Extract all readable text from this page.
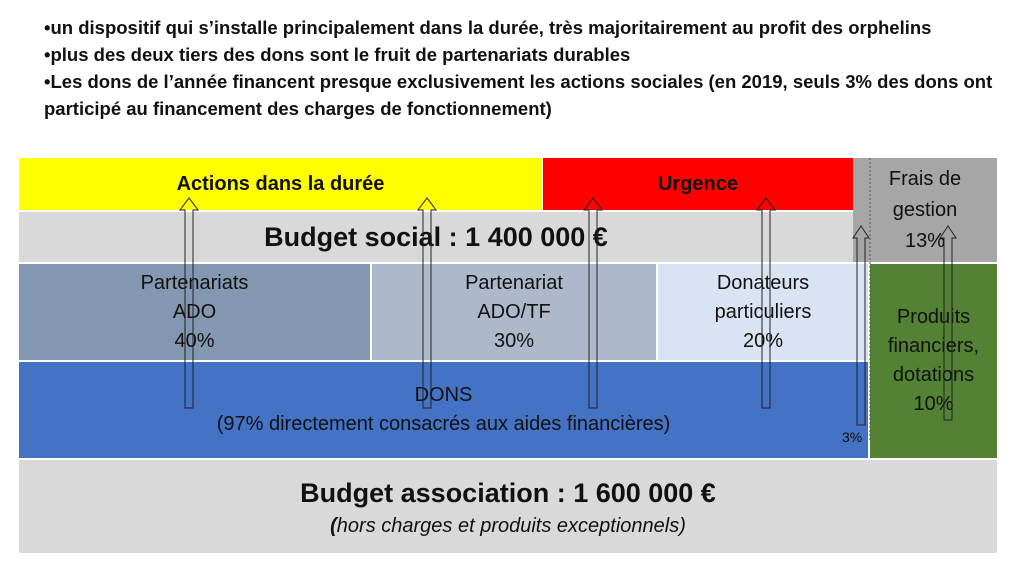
•un dispositif qui s’installe principalement dans la durée, très majoritairement au profit des orphelins
•plus des deux tiers des dons sont le fruit de partenariats durables
•Les dons de l’année financent presque exclusivement les actions sociales (en 2019, seuls 3% des dons ont participé au financement des charges de fonctionnement)
Actions dans la durée	Urgence	Frais de
gestion
13%
Budget social : 1 400 000 €
Partenariats
ADO
40%
Partenariat
ADO/TF
30%
Donateurs
particuliers
20%
DONS
(97% directement consacrés aux aides financières)
Produits
financiers,
dotations
10%
Budget association : 1 600 000 €
(hors charges et produits exceptionnels)
3%
